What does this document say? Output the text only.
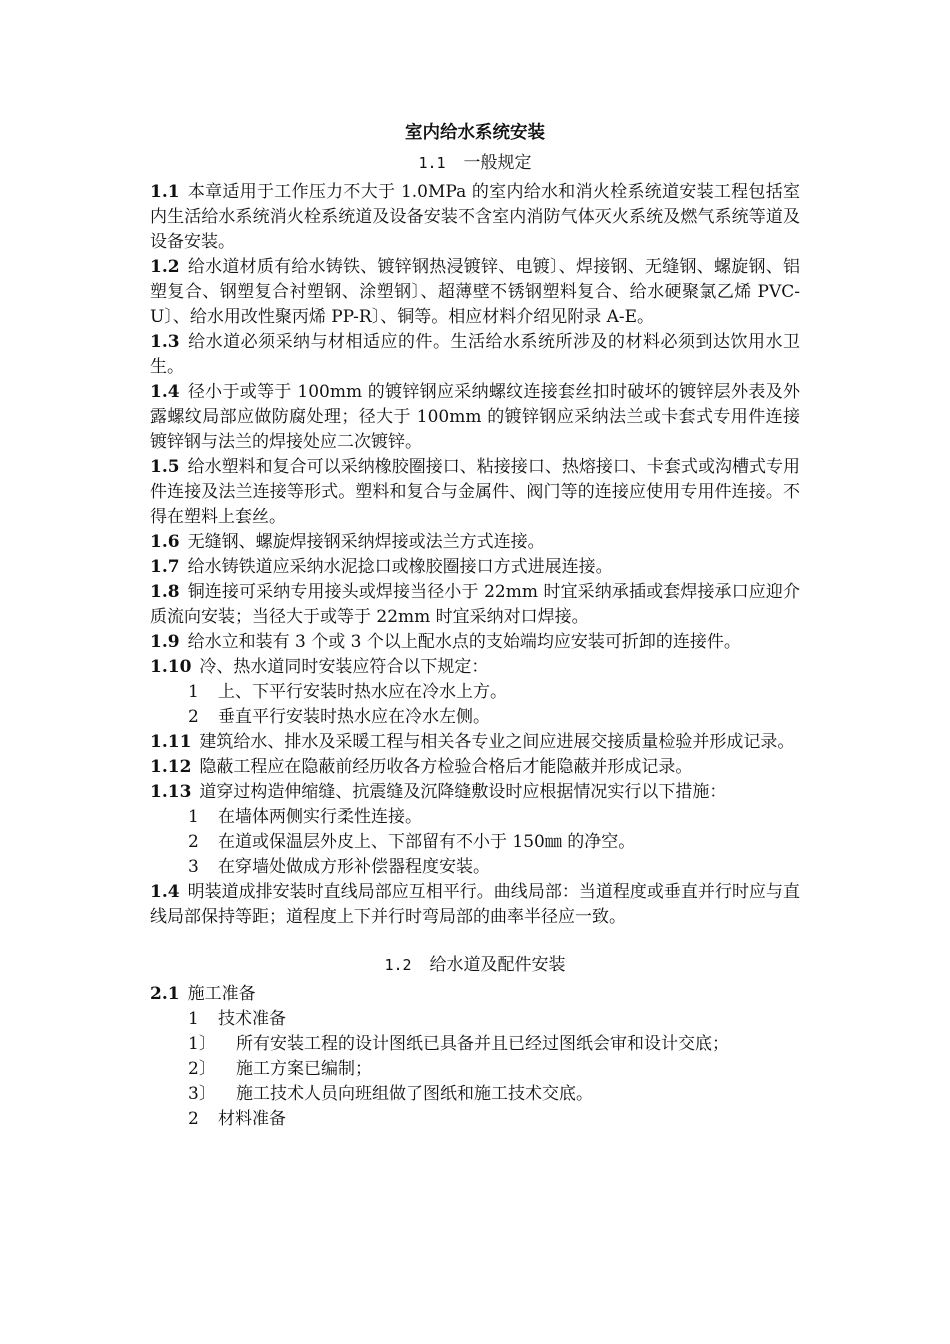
室内给水系统安装
1.1 一般规定

1.1 本章适用于工作压力不大于 1.0MPa 的室内给水和消火栓系统道安装工程包括室内生活给水系统消火栓系统道及设备安装不含室内消防气体灭火系统及燃气系统等道及设备安装。

1.2 给水道材质有给水铸铁、镀锌钢热浸镀锌、电镀〕、焊接钢、无缝钢、螺旋钢、铝塑复合、钢塑复合衬塑钢、涂塑钢〕、超薄壁不锈钢塑料复合、给水硬聚氯乙烯 PVC-U〕、给水用改性聚丙烯 PP-R〕、铜等。相应材料介绍见附录 A-E。

1.3 给水道必须采纳与材相适应的件。生活给水系统所涉及的材料必须到达饮用水卫生。

1.4 径小于或等于 100mm 的镀锌钢应采纳螺纹连接套丝扣时破坏的镀锌层外表及外露螺纹局部应做防腐处理；径大于 100mm 的镀锌钢应采纳法兰或卡套式专用件连接镀锌钢与法兰的焊接处应二次镀锌。

1.5 给水塑料和复合可以采纳橡胶圈接口、粘接接口、热熔接口、卡套式或沟槽式专用件连接及法兰连接等形式。塑料和复合与金属件、阀门等的连接应使用专用件连接。不得在塑料上套丝。

1.6 无缝钢、螺旋焊接钢采纳焊接或法兰方式连接。

1.7 给水铸铁道应采纳水泥捻口或橡胶圈接口方式进展连接。

1.8 铜连接可采纳专用接头或焊接当径小于 22mm 时宜采纳承插或套焊接承口应迎介质流向安装；当径大于或等于 22mm 时宜采纳对口焊接。

1.9 给水立和装有 3 个或 3 个以上配水点的支始端均应安装可折卸的连接件。

1.10 冷、热水道同时安装应符合以下规定：

1 上、下平行安装时热水应在冷水上方。

2 垂直平行安装时热水应在冷水左侧。

1.11 建筑给水、排水及采暖工程与相关各专业之间应进展交接质量检验并形成记录。

1.12 隐蔽工程应在隐蔽前经历收各方检验合格后才能隐蔽并形成记录。

1.13 道穿过构造伸缩缝、抗震缝及沉降缝敷设时应根据情况实行以下措施：

1 在墙体两侧实行柔性连接。

2 在道或保温层外皮上、下部留有不小于 150㎜ 的净空。

3 在穿墙处做成方形补偿器程度安装。

1.4 明装道成排安装时直线局部应互相平行。曲线局部：当道程度或垂直并行时应与直线局部保持等距；道程度上下并行时弯局部的曲率半径应一致。

1.2 给水道及配件安装

2.1 施工准备

1 技术准备

1〕 所有安装工程的设计图纸已具备并且已经过图纸会审和设计交底；

2〕 施工方案已编制；

3〕 施工技术人员向班组做了图纸和施工技术交底。

2 材料准备
